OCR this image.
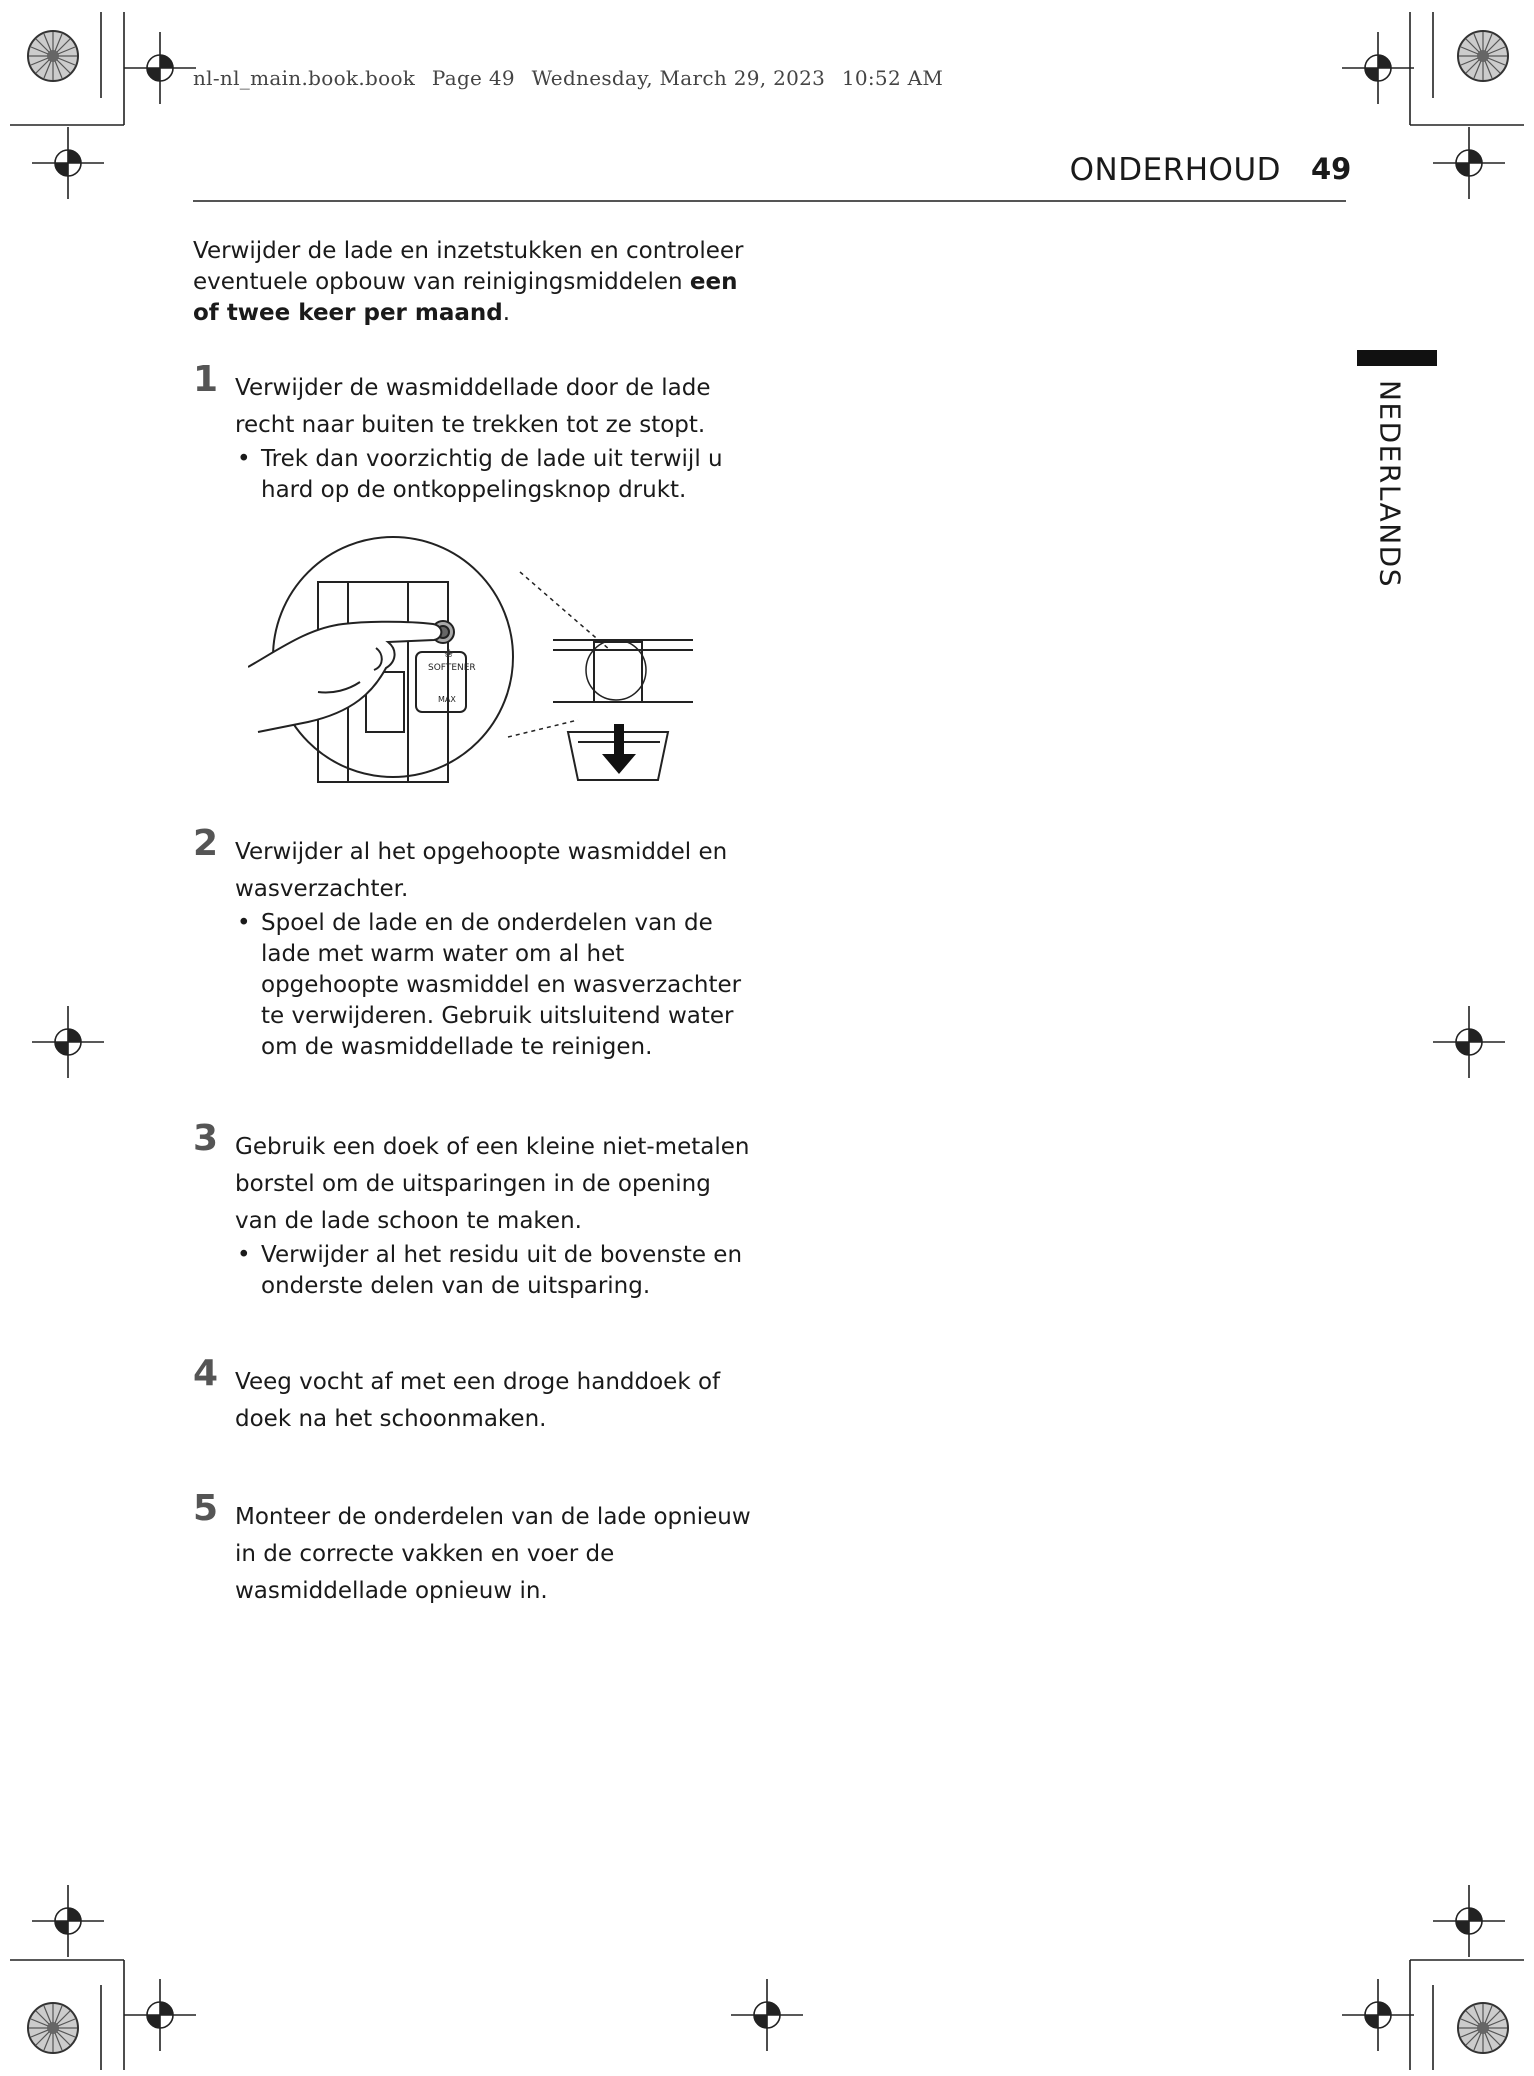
nl-nl_main.book.book Page 49 Wednesday, March 29, 2023 10:52 AM
ONDERHOUD 49
NEDERLANDS

Verwijder de lade en inzetstukken en controleer eventuele opbouw van reinigingsmiddelen een of twee keer per maand.

1 Verwijder de wasmiddellade door de lade recht naar buiten te trekken tot ze stopt.
• Trek dan voorzichtig de lade uit terwijl u hard op de ontkoppelingsknop drukt.
2 Verwijder al het opgehoopte wasmiddel en wasverzachter.
• Spoel de lade en de onderdelen van de lade met warm water om al het opgehoopte wasmiddel en wasverzachter te verwijderen. Gebruik uitsluitend water om de wasmiddellade te reinigen.
3 Gebruik een doek of een kleine niet-metalen borstel om de uitsparingen in de opening van de lade schoon te maken.
• Verwijder al het residu uit de bovenste en onderste delen van de uitsparing.
4 Veeg vocht af met een droge handdoek of doek na het schoonmaken.
5 Monteer de onderdelen van de lade opnieuw in de correcte vakken en voer de wasmiddellade opnieuw in.
❀
SOFTENER
MAX
